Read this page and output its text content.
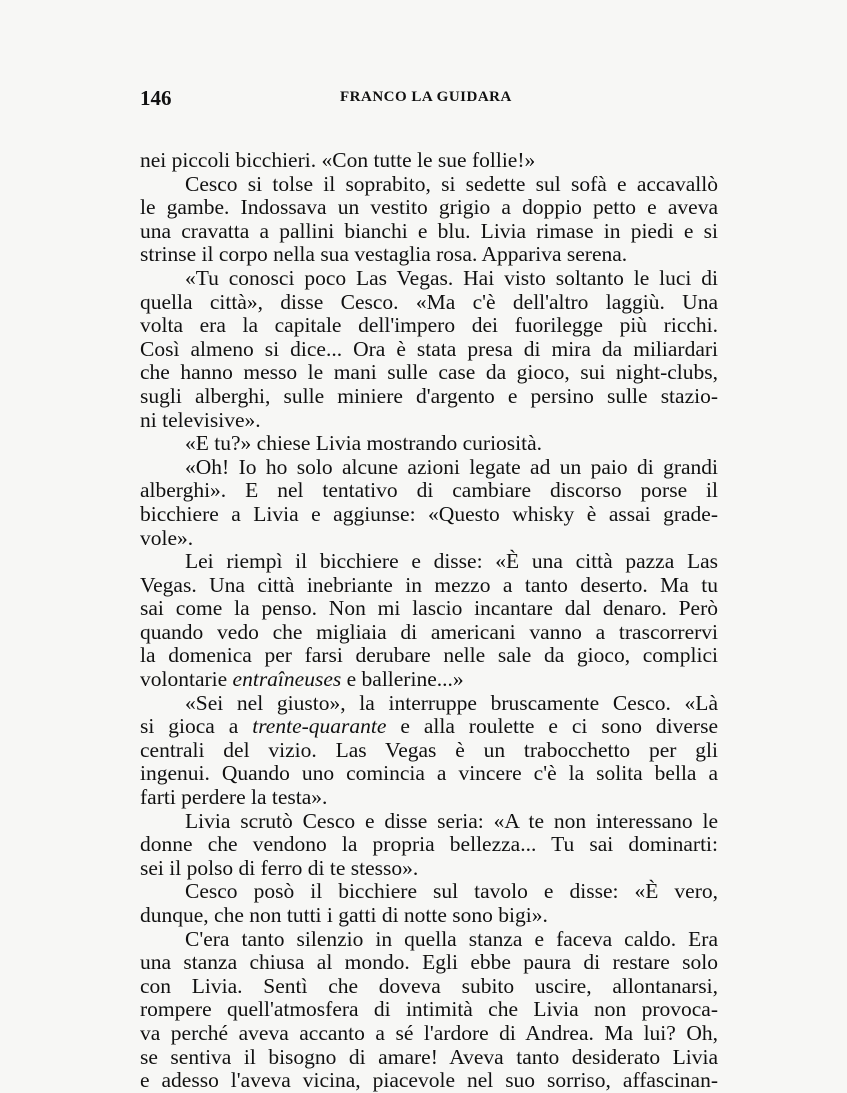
146	FRANCO LA GUIDARA
nei piccoli bicchieri. «Con tutte le sue follie!»
Cesco si tolse il soprabito, si sedette sul sofà e accavallò
le gambe. Indossava un vestito grigio a doppio petto e aveva
una cravatta a pallini bianchi e blu. Livia rimase in piedi e si
strinse il corpo nella sua vestaglia rosa. Appariva serena.
«Tu conosci poco Las Vegas. Hai visto soltanto le luci di
quella città», disse Cesco. «Ma c'è dell'altro laggiù. Una
volta era la capitale dell'impero dei fuorilegge più ricchi.
Così almeno si dice... Ora è stata presa di mira da miliardari
che hanno messo le mani sulle case da gioco, sui night-clubs,
sugli alberghi, sulle miniere d'argento e persino sulle stazio-
ni televisive».
«E tu?» chiese Livia mostrando curiosità.
«Oh! Io ho solo alcune azioni legate ad un paio di grandi
alberghi». E nel tentativo di cambiare discorso porse il
bicchiere a Livia e aggiunse: «Questo whisky è assai grade-
vole».
Lei riempì il bicchiere e disse: «È una città pazza Las
Vegas. Una città inebriante in mezzo a tanto deserto. Ma tu
sai come la penso. Non mi lascio incantare dal denaro. Però
quando vedo che migliaia di americani vanno a trascorrervi
la domenica per farsi derubare nelle sale da gioco, complici
volontarie entraîneuses e ballerine...»
«Sei nel giusto», la interruppe bruscamente Cesco. «Là
si gioca a trente-quarante e alla roulette e ci sono diverse
centrali del vizio. Las Vegas è un trabocchetto per gli
ingenui. Quando uno comincia a vincere c'è la solita bella a
farti perdere la testa».
Livia scrutò Cesco e disse seria: «A te non interessano le
donne che vendono la propria bellezza... Tu sai dominarti:
sei il polso di ferro di te stesso».
Cesco posò il bicchiere sul tavolo e disse: «È vero,
dunque, che non tutti i gatti di notte sono bigi».
C'era tanto silenzio in quella stanza e faceva caldo. Era
una stanza chiusa al mondo. Egli ebbe paura di restare solo
con Livia. Sentì che doveva subito uscire, allontanarsi,
rompere quell'atmosfera di intimità che Livia non provoca-
va perché aveva accanto a sé l'ardore di Andrea. Ma lui? Oh,
se sentiva il bisogno di amare! Aveva tanto desiderato Livia
e adesso l'aveva vicina, piacevole nel suo sorriso, affascinan-
